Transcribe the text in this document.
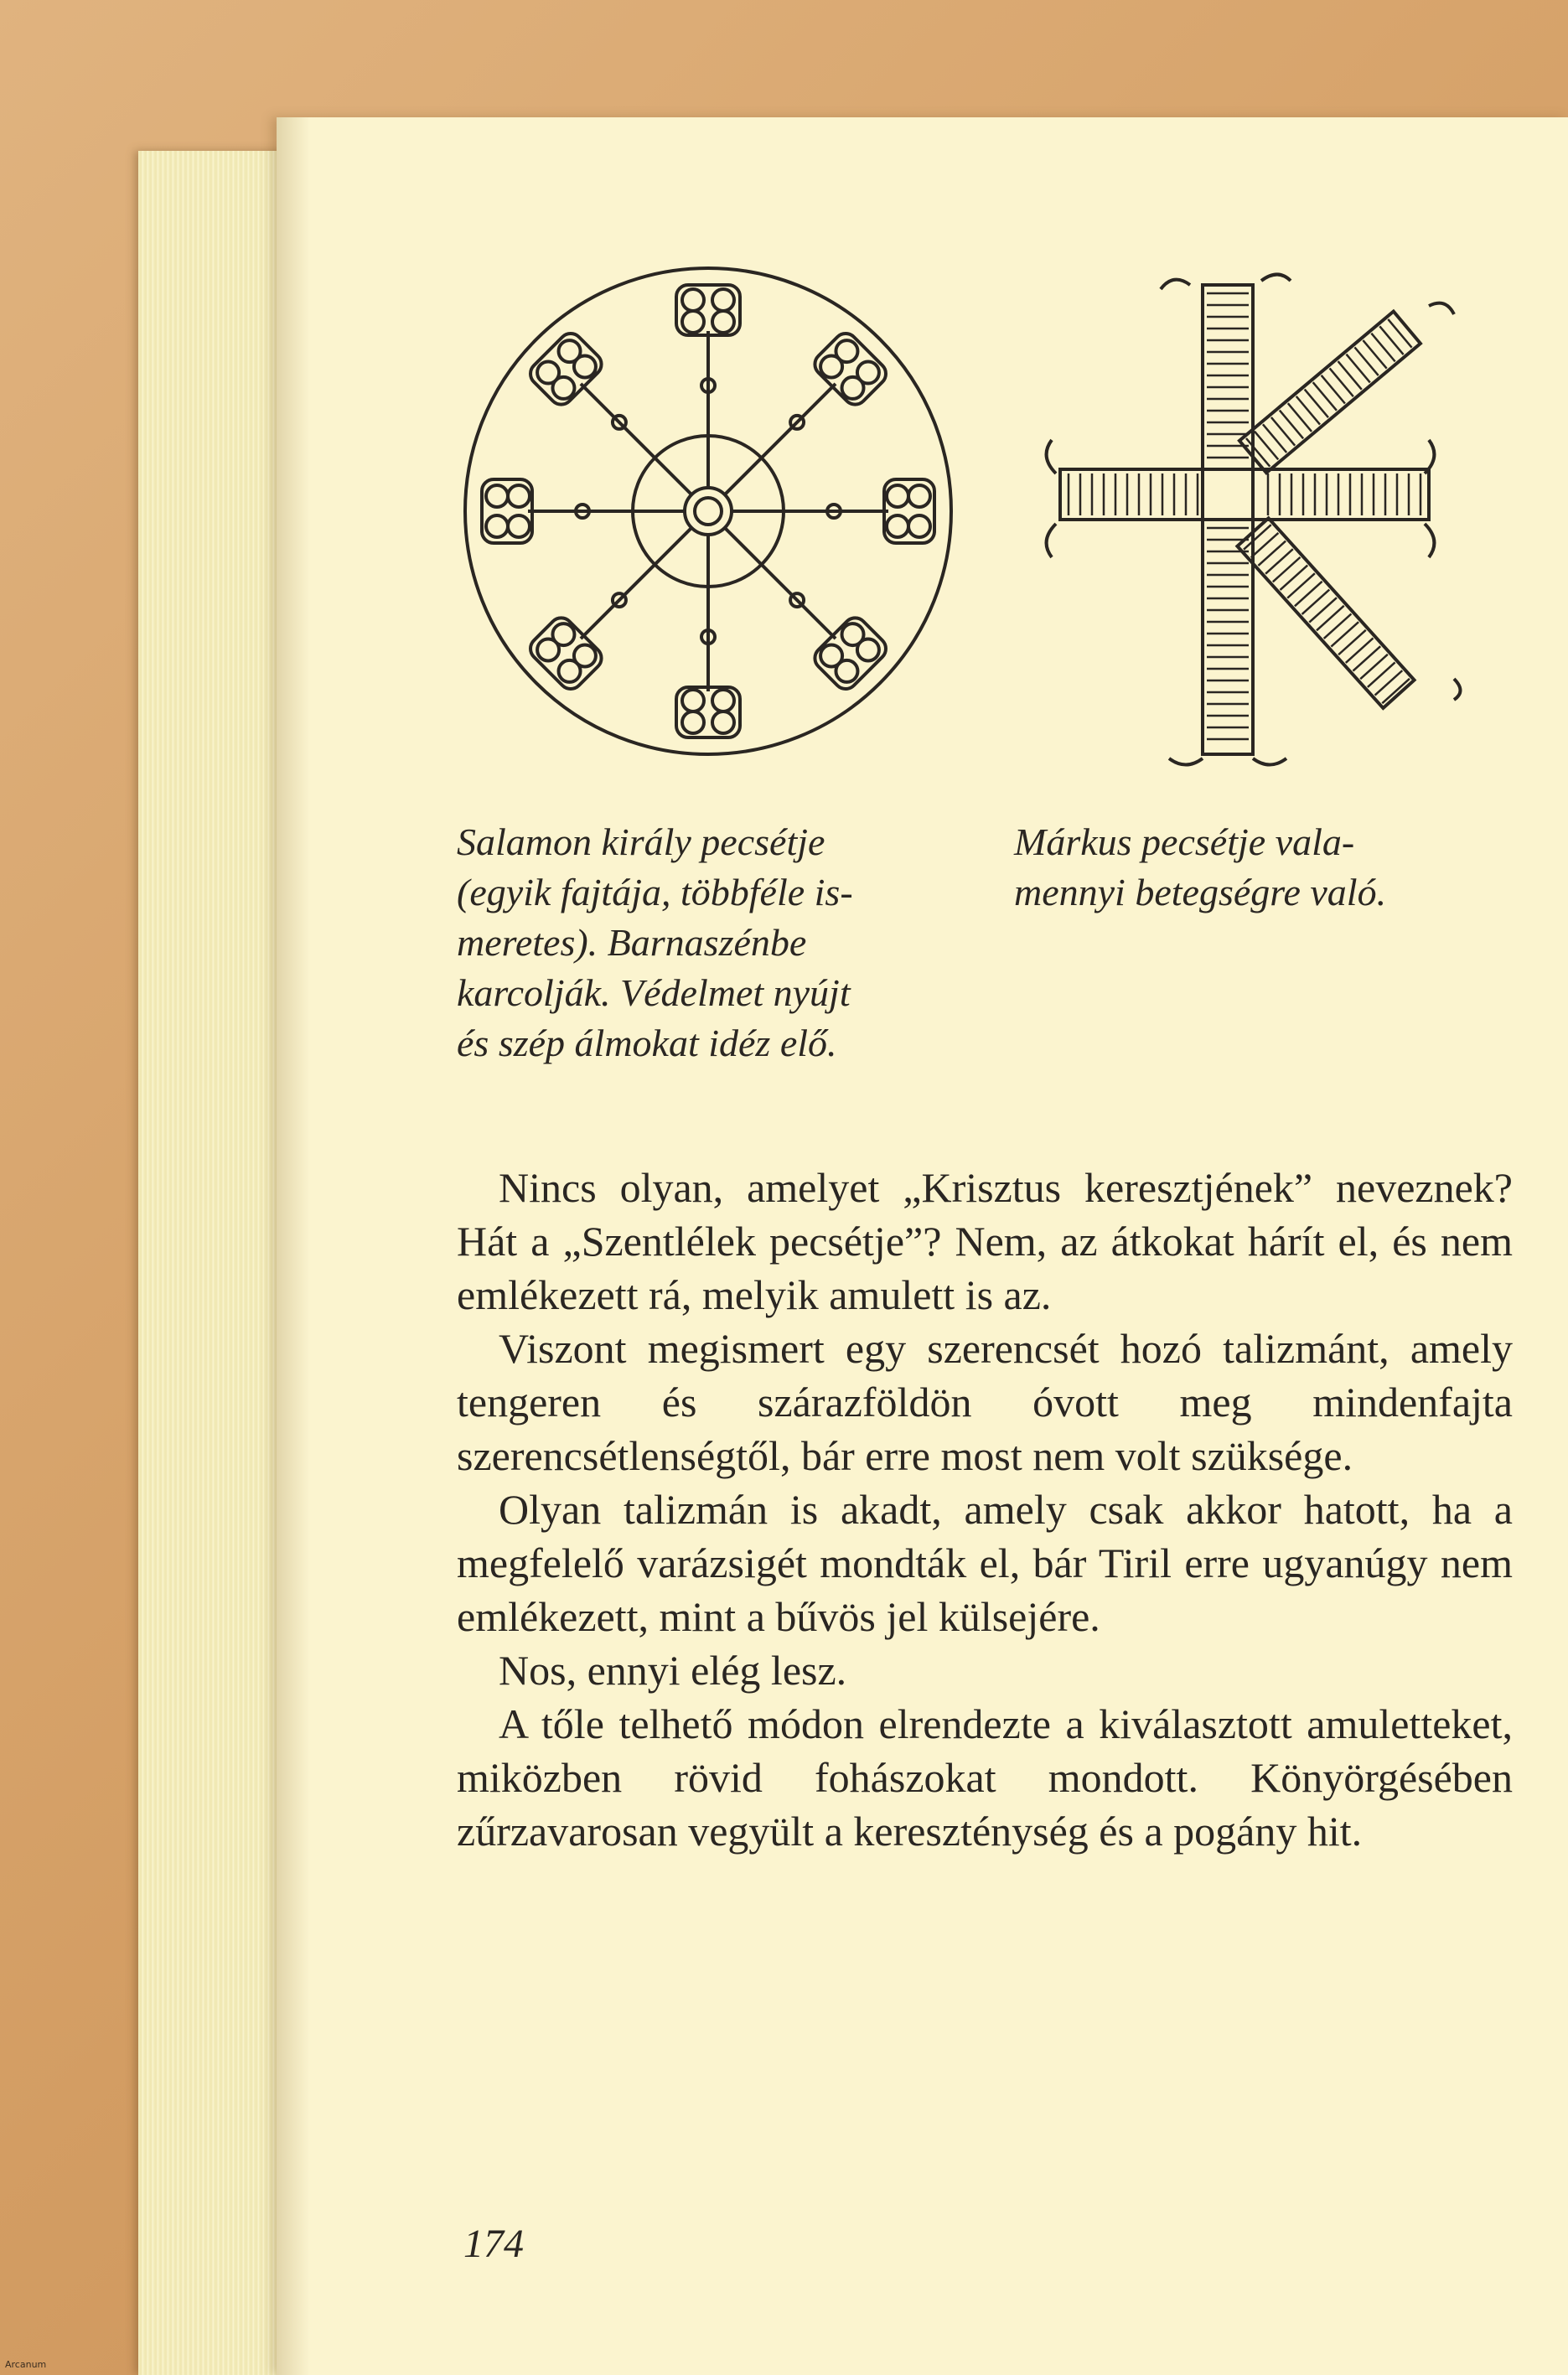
Salamon király pecsétje
(egyik fajtája, többféle is-
meretes). Barnaszénbe
karcolják. Védelmet nyújt
és szép álmokat idéz elő.
Márkus pecsétje vala-
mennyi betegségre való.

Nincs olyan, amelyet „Krisztus keresztjének” neveznek? Hát a „Szentlélek pecsétje”? Nem, az átkokat hárít el, és nem emlékezett rá, melyik amulett is az.

Viszont megismert egy szerencsét hozó talizmánt, amely tengeren és szárazföldön óvott meg mindenfajta szerencsétlenségtől, bár erre most nem volt szüksége.

Olyan talizmán is akadt, amely csak akkor hatott, ha a megfelelő varázsigét mondták el, bár Tiril erre ugyanúgy nem emlékezett, mint a bűvös jel külsejére.

Nos, ennyi elég lesz.

A tőle telhető módon elrendezte a kiválasztott amuletteket, miközben rövid fohászokat mondott. Könyörgésében zűrzavarosan vegyült a kereszténység és a pogány hit.

174
Arcanum
